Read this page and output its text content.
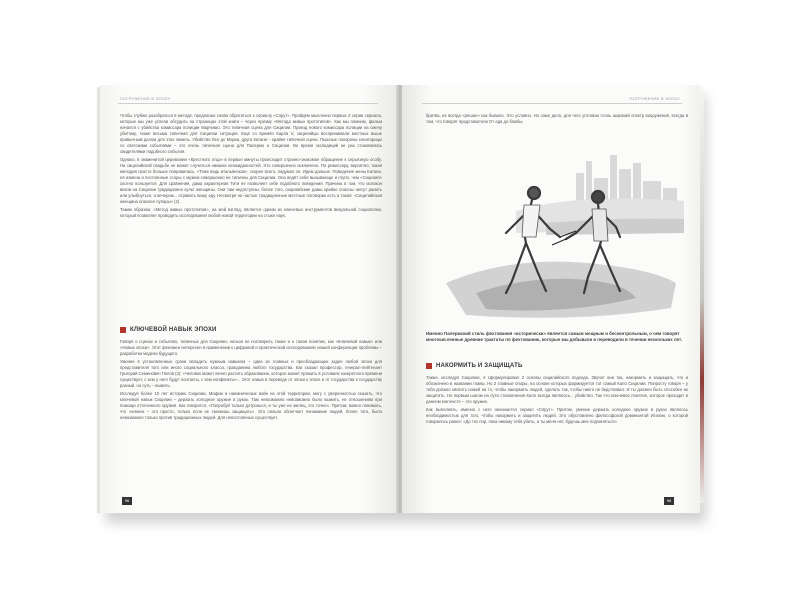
ПОГРУЖЕНИЕ В ЭПОХУ

Чтобы глубже разобраться в методе, предлагаю снова обратиться к сериалу «Спрут». Пройдём мысленно первые 2 серии сериала, которые мы уже успели обсудить на страницах этой книги – через призму «Метода живых прототипов». Как мы помним, фильм начался с убийства комиссара полиции Марчикко. Это типичная сцена для Сицилии. Приезд нового комиссара полиции на смену убитому, также весьма типичная для Сицилии ситуация. Ещё со времён Карла V, сицилийцы воспринимали местных выше привычным делом для этих земель. Убийство Лео де Марки, друга Катани – крайне типичная сцена. Пышные похороны сенаторицы со светскими событиями – это очень типичная сцена для Палермо и Сицилии. Во время экспедиций не раз становились свидетелями подобного события.

Однако, в знаменитой церемонии «Крестного отца» в первые минуты происходит странно-знакомое обращение к серьёзную особу. На сицилийской свадьбе не может случиться никаких неожиданностей. Это совершенно исключено. По режиссеру, вероятно, такая мелодия просто больше понравилась. «Тоже ведь итальянская», скорее всего, подумал он. Идем дальше. Поведение жены Катани, её измена и постоянные ссоры с мужем совершенно не типичны для Сицилии. Она ведёт себя вызывающе и глупо, чем «Сицилия» охотно пользуется. Для сравнения, дама характерная Тити не позволяет себе подобного поведения. Причина в том, что испокон веков на Сицилии традиционно культ женщины. Они там недоступны, более того, сицилийские дамы крайне опасны: могут ранить или улыбнуться, а вечером... отравить вашу еду. Несмотря на частые традиционные местные поговорки есть и такая: «Сицилийская женщина опаснее лупары» (2).

Таким образом, «Метод живых прототипов», на мой взгляд, является одним из ключевых инструментов визуальной социологии, который позволяет проводить исследования любой новой территории на стыке наук.

КЛЮЧЕВОЙ НАВЫК ЭПОХИ

Говоря о сценах и событиях, типичных для Сицилии, нельзя не поговорить также и о таком понятии, как «Ключевой навык» или «Навык эпохи». Этот феномен интересен в применении к цифровой и практической исследованиях нашей конференции проблемы – разработки модели будущего.

Умение в установленные сроки овладеть нужным навыком – одна из главных и преобладающих задач любой эпохи для представителя того или иного социального класса, гражданина любого государства. Как сказал профессор, генерал-лейтенант Григорий Семенович Попов (3): «Человек может вечно растить образование, которое может прожить в условиях конкретного времени существует, с кем у него будут контакты, с кем конфликты»... Этот навык в переводе от эпохи к эпохе и от государства к государству разный, но суть – выжить.

Исследуя более 10 лет историю Сицилии, Мафии и наемнических войн на этой территории, могу с уверенностью сказать, что ключевой навык Сицилии – держать холодное оружие в руках. Там невозможно невозможно было выжить, не отношениям при помощи отточенного оружия. Как говорится, «Попробуй только дотронься, и ты уже не жилец, это точно». Притом, важно понимать, что «клинок – это просто, только если не сможешь защищать». Это сильно облегчает понимание людей, более того, было невозможно только против традиционных людей. Для непостоянных существует.

96
ПОГРУЖЕНИЕ В ЭПОХУ

бритва, их всегда «решал» как бывало. Это условно. Но само дело, для чего уготован столь широкий спектр вооружения, всегда в том, что говорят представители От еда до бомбы.

Именно Палермский стиль фехтования «исторически» является самым мощным и бесконтрольным, о чем говорят многочисленные древние трактаты по фехтованию, которые мы добывали и переводили в течении нескольких лет.
НАКОРМИТЬ И ЗАЩИЩАТЬ

Также, исследуя Сицилию, я сформулировал 2 основы сицилийского подхода. Звучат они так, накормить и защищать, что и обозначено в названии главы. Но 2 главные опоры, на основе которых формируется тот самый Кало Сицилии. Попросту говоря – у тебя должно хватить ножей на то, чтобы накормить людей, сделать так, чтобы никто не бедствовал. И ты должен быть способен их защитить. Но первым шагом на пути становления Кало всегда являлось... убийство. Так что ключевое понятие, которое проходит в данном контексте – это оружие.

Как выполнить, именно с него начинается сериал «Спрут». Притом, умение держать холодное оружие в руках являлось необходимостью для того, чтобы накормить и защитить людей. Это обусловлено философской доминантой Италии, о которой говорилось ранее: «До тех пор, пока никому тебя убить, а ты меня нет, будешь мне подчиняться».

98
